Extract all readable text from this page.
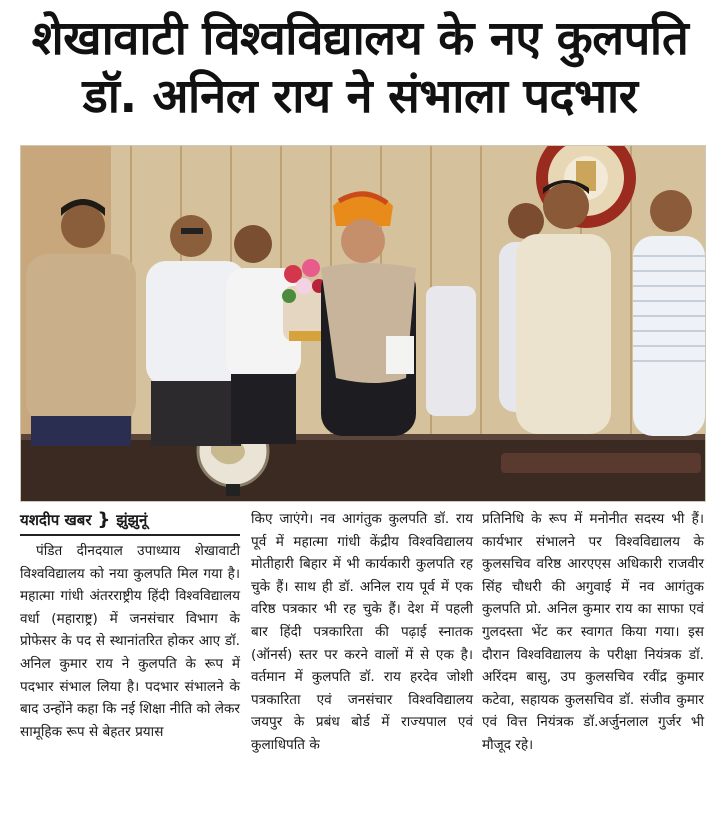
शेखावाटी विश्वविद्यालय के नए कुलपति
डॉ. अनिल राय ने संभाला पदभार
यशदीप खबर } झुंझुनूं
पंडित दीनदयाल उपाध्याय शेखावाटी विश्वविद्यालय को नया कुलपति मिल गया है। महात्मा गांधी अंतरराष्ट्रीय हिंदी विश्वविद्यालय वर्धा (महाराष्ट्र) में जनसंचार विभाग के प्रोफेसर के पद से स्थानांतरित होकर आए डॉ. अनिल कुमार राय ने कुलपति के रूप में पदभार संभाल लिया है। पदभार संभालने के बाद उन्होंने कहा कि नई शिक्षा नीति को लेकर सामूहिक रूप से बेहतर प्रयास
किए जाएंगे। नव आगंतुक कुलपति डॉ. राय पूर्व में महात्मा गांधी केंद्रीय विश्वविद्यालय मोतीहारी बिहार में भी कार्यकारी कुलपति रह चुके हैं। साथ ही डॉ. अनिल राय पूर्व में एक वरिष्ठ पत्रकार भी रह चुके हैं। देश में पहली बार हिंदी पत्रकारिता की पढ़ाई स्नातक (ऑनर्स) स्तर पर करने वालों में से एक है। वर्तमान में कुलपति डॉ. राय हरदेव जोशी पत्रकारिता एवं जनसंचार विश्वविद्यालय जयपुर के प्रबंध बोर्ड में राज्यपाल एवं कुलाधिपति के
प्रतिनिधि के रूप में मनोनीत सदस्य भी हैं। कार्यभार संभालने पर विश्वविद्यालय के कुलसचिव वरिष्ठ आरएएस अधिकारी राजवीर सिंह चौधरी की अगुवाई में नव आगंतुक कुलपति प्रो. अनिल कुमार राय का साफा एवं गुलदस्ता भेंट कर स्वागत किया गया। इस दौरान विश्वविद्यालय के परीक्षा नियंत्रक डॉ. अरिंदम बासु, उप कुलसचिव रवींद्र कुमार कटेवा, सहायक कुलसचिव डॉ. संजीव कुमार एवं वित्त नियंत्रक डॉ.अर्जुनलाल गुर्जर भी मौजूद रहे।
